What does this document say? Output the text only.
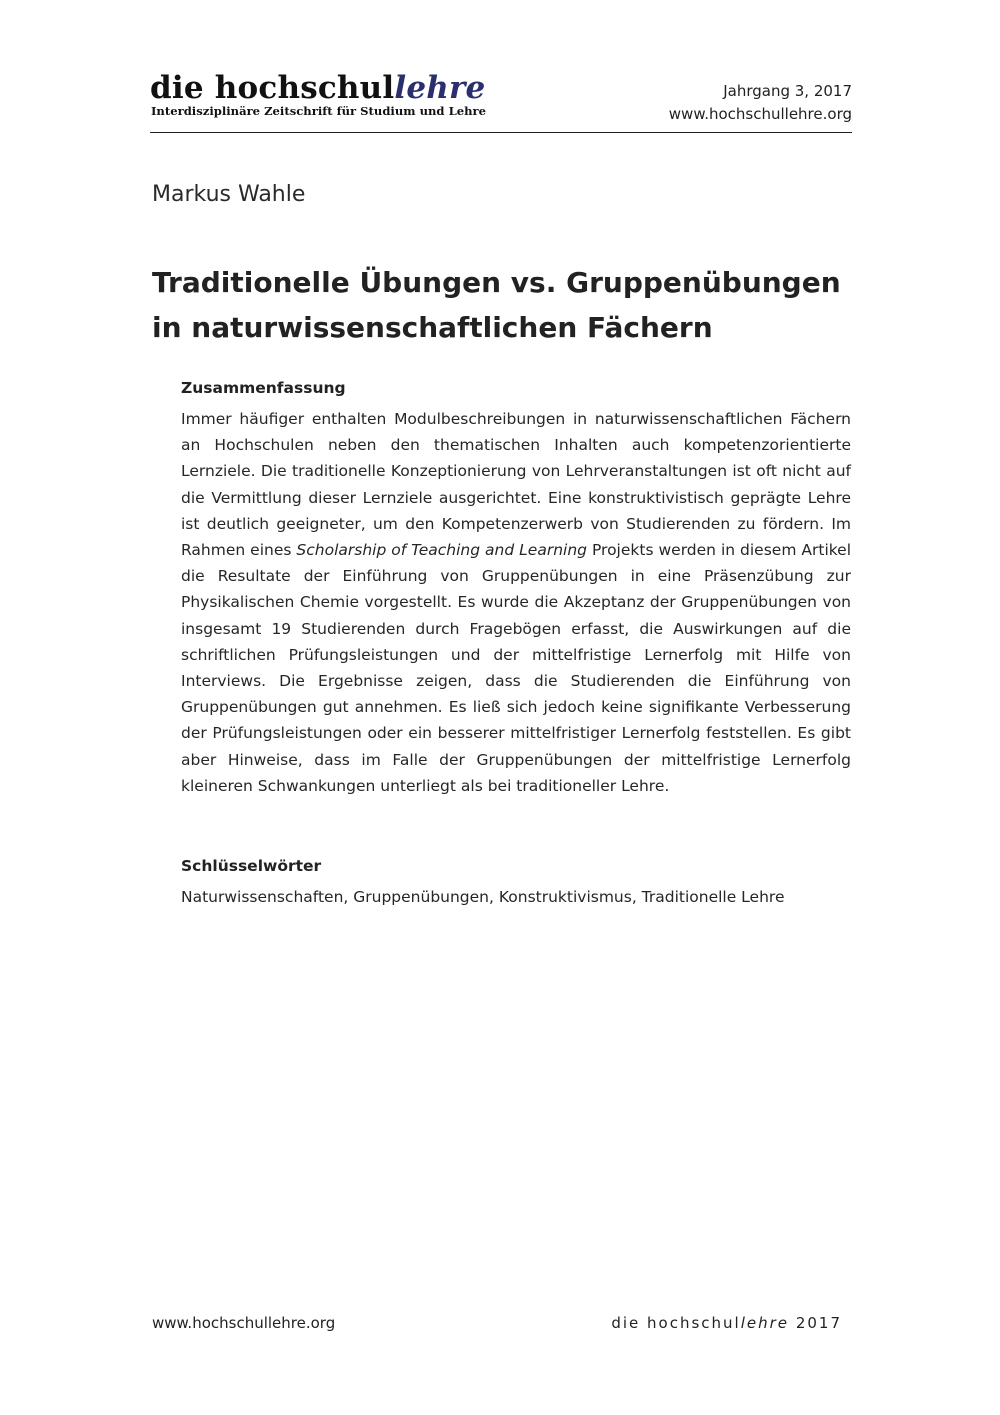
die hochschullehre
Interdisziplinäre Zeitschrift für Studium und Lehre
Jahrgang 3, 2017
www.hochschullehre.org
Markus Wahle
Traditionelle Übungen vs. Gruppenübungen in naturwissenschaftlichen Fächern
Zusammenfassung

Immer häufiger enthalten Modulbeschreibungen in naturwissenschaftlichen Fächern an Hochschulen neben den thematischen Inhalten auch kompetenzorientierte Lernziele. Die traditionelle Konzeptionierung von Lehrveranstaltungen ist oft nicht auf die Vermittlung dieser Lernziele ausgerichtet. Eine konstruktivistisch geprägte Lehre ist deutlich geeigneter, um den Kompetenzerwerb von Studierenden zu fördern. Im Rahmen eines Scholarship of Teaching and Learning Projekts werden in diesem Artikel die Resultate der Einführung von Gruppenübungen in eine Präsenzübung zur Physikalischen Chemie vorgestellt. Es wurde die Akzeptanz der Gruppenübungen von insgesamt 19 Studierenden durch Fragebögen erfasst, die Auswirkungen auf die schriftlichen Prüfungsleistungen und der mittelfristige Lernerfolg mit Hilfe von Interviews. Die Ergebnisse zeigen, dass die Studierenden die Einführung von Gruppenübungen gut annehmen. Es ließ sich jedoch keine signifikante Verbesserung der Prüfungsleistungen oder ein besserer mittelfristiger Lernerfolg feststellen. Es gibt aber Hinweise, dass im Falle der Gruppenübungen der mittelfristige Lernerfolg kleineren Schwankungen unterliegt als bei traditioneller Lehre.

Schlüsselwörter

Naturwissenschaften, Gruppenübungen, Konstruktivismus, Traditionelle Lehre

www.hochschullehre.org	die hochschullehre 2017
